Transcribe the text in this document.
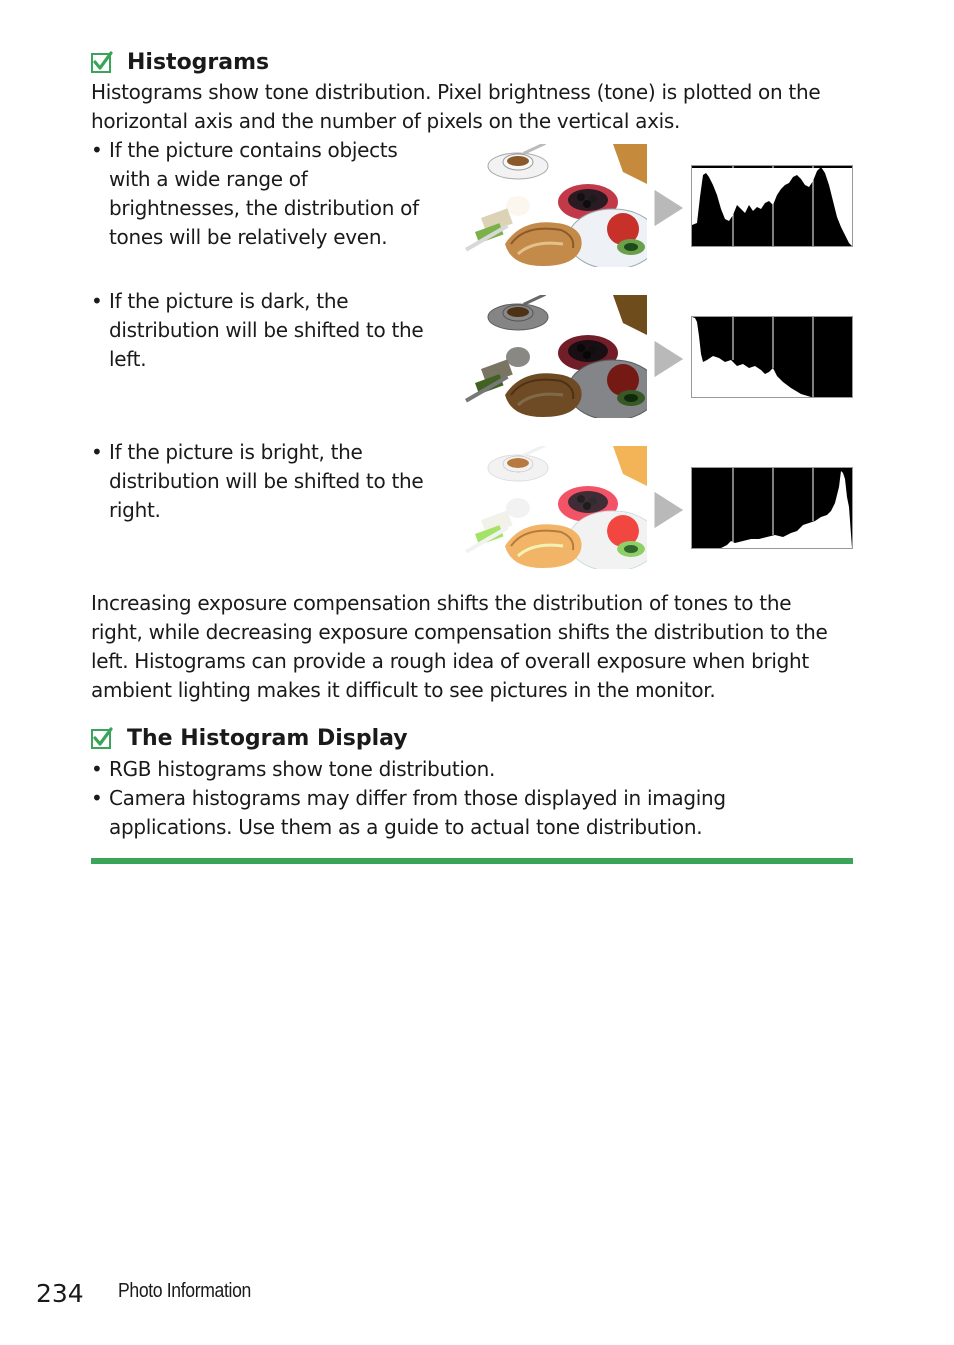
Histograms
Histograms show tone distribution. Pixel brightness (tone) is plotted on the
horizontal axis and the number of pixels on the vertical axis.
• If the picture contains objects
with a wide range of
brightnesses, the distribution of
tones will be relatively even.
• If the picture is dark, the
distribution will be shifted to the
left.
• If the picture is bright, the
distribution will be shifted to the
right.
Increasing exposure compensation shifts the distribution of tones to the
right, while decreasing exposure compensation shifts the distribution to the
left. Histograms can provide a rough idea of overall exposure when bright
ambient lighting makes it difficult to see pictures in the monitor.
The Histogram Display
• RGB histograms show tone distribution.
• Camera histograms may differ from those displayed in imaging
applications. Use them as a guide to actual tone distribution.
234 Photo Information
